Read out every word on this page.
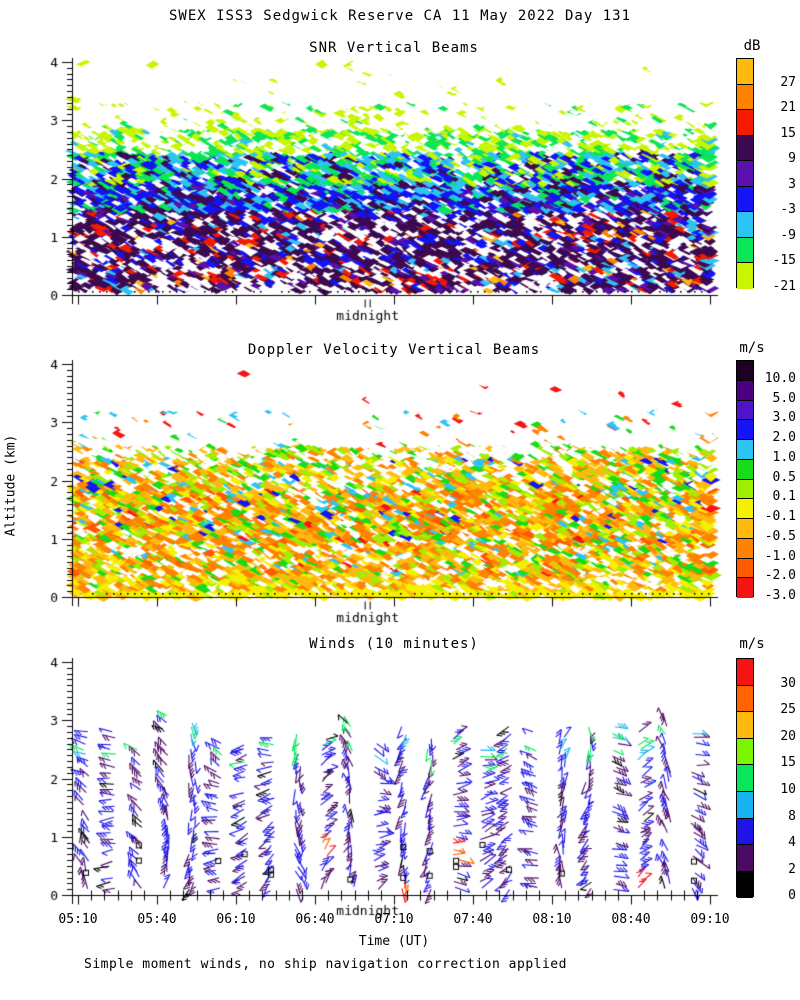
SWEX ISS3 Sedgwick Reserve CA 11 May 2022 Day 131
SNR Vertical Beams	dB
Doppler Velocity Vertical Beams	m/s
Winds (10 minutes)	m/s
05:10	05:40	06:10	06:40	07:10	07:40	08:10	08:40	09:10
Time (UT)
Simple moment winds, no ship navigation correction applied
27
21
15
9
3
-3
-9
-15
-21
10.0
5.0
3.0
2.0
1.0
0.5
0.1
-0.1
-0.5
-1.0
-2.0
-3.0
30
25
20
15
10
8
4
2
0
